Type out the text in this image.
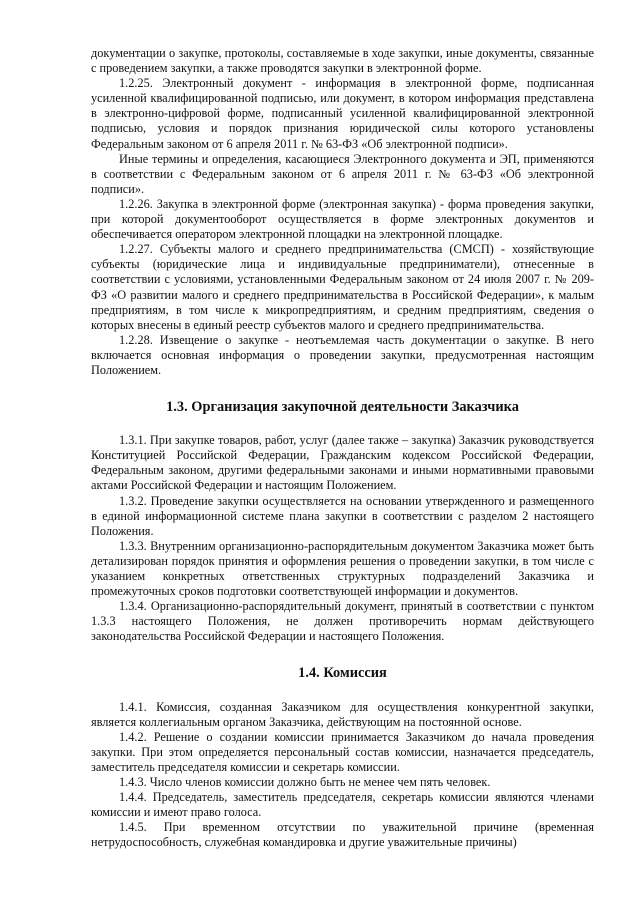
документации о закупке, протоколы, составляемые в ходе закупки, иные документы, связанные с проведением закупки, а также проводятся закупки в электронной форме.

1.2.25. Электронный документ - информация в электронной форме, подписанная усиленной квалифицированной подписью, или документ, в котором информация представлена в электронно-цифровой форме, подписанный усиленной квалифицированной электронной подписью, условия и порядок признания юридической силы которого установлены Федеральным законом от 6 апреля 2011 г. № 63-ФЗ «Об электронной подписи».

Иные термины и определения, касающиеся Электронного документа и ЭП, применяются в соответствии с Федеральным законом от 6 апреля 2011 г. № 63-ФЗ «Об электронной подписи».

1.2.26. Закупка в электронной форме (электронная закупка) - форма проведения закупки, при которой документооборот осуществляется в форме электронных документов и обеспечивается оператором электронной площадки на электронной площадке.

1.2.27. Субъекты малого и среднего предпринимательства (СМСП) - хозяйствующие субъекты (юридические лица и индивидуальные предприниматели), отнесенные в соответствии с условиями, установленными Федеральным законом от 24 июля 2007 г. № 209-ФЗ «О развитии малого и среднего предпринимательства в Российской Федерации», к малым предприятиям, в том числе к микропредприятиям, и средним предприятиям, сведения о которых внесены в единый реестр субъектов малого и среднего предпринимательства.

1.2.28. Извещение о закупке - неотъемлемая часть документации о закупке. В него включается основная информация о проведении закупки, предусмотренная настоящим Положением.

1.3. Организация закупочной деятельности Заказчика

1.3.1. При закупке товаров, работ, услуг (далее также – закупка) Заказчик руководствуется Конституцией Российской Федерации, Гражданским кодексом Российской Федерации, Федеральным законом, другими федеральными законами и иными нормативными правовыми актами Российской Федерации и настоящим Положением.

1.3.2. Проведение закупки осуществляется на основании утвержденного и размещенного в единой информационной системе плана закупки в соответствии с разделом 2 настоящего Положения.

1.3.3. Внутренним организационно-распорядительным документом Заказчика может быть детализирован порядок принятия и оформления решения о проведении закупки, в том числе с указанием конкретных ответственных структурных подразделений Заказчика и промежуточных сроков подготовки соответствующей информации и документов.

1.3.4. Организационно-распорядительный документ, принятый в соответствии с пунктом 1.3.3 настоящего Положения, не должен противоречить нормам действующего законодательства Российской Федерации и настоящего Положения.

1.4. Комиссия

1.4.1. Комиссия, созданная Заказчиком для осуществления конкурентной закупки, является коллегиальным органом Заказчика, действующим на постоянной основе.

1.4.2. Решение о создании комиссии принимается Заказчиком до начала проведения закупки. При этом определяется персональный состав комиссии, назначается председатель, заместитель председателя комиссии и секретарь комиссии.

1.4.3. Число членов комиссии должно быть не менее чем пять человек.

1.4.4. Председатель, заместитель председателя, секретарь комиссии являются членами комиссии и имеют право голоса.

1.4.5. При временном отсутствии по уважительной причине (временная нетрудоспособность, служебная командировка и другие уважительные причины)
